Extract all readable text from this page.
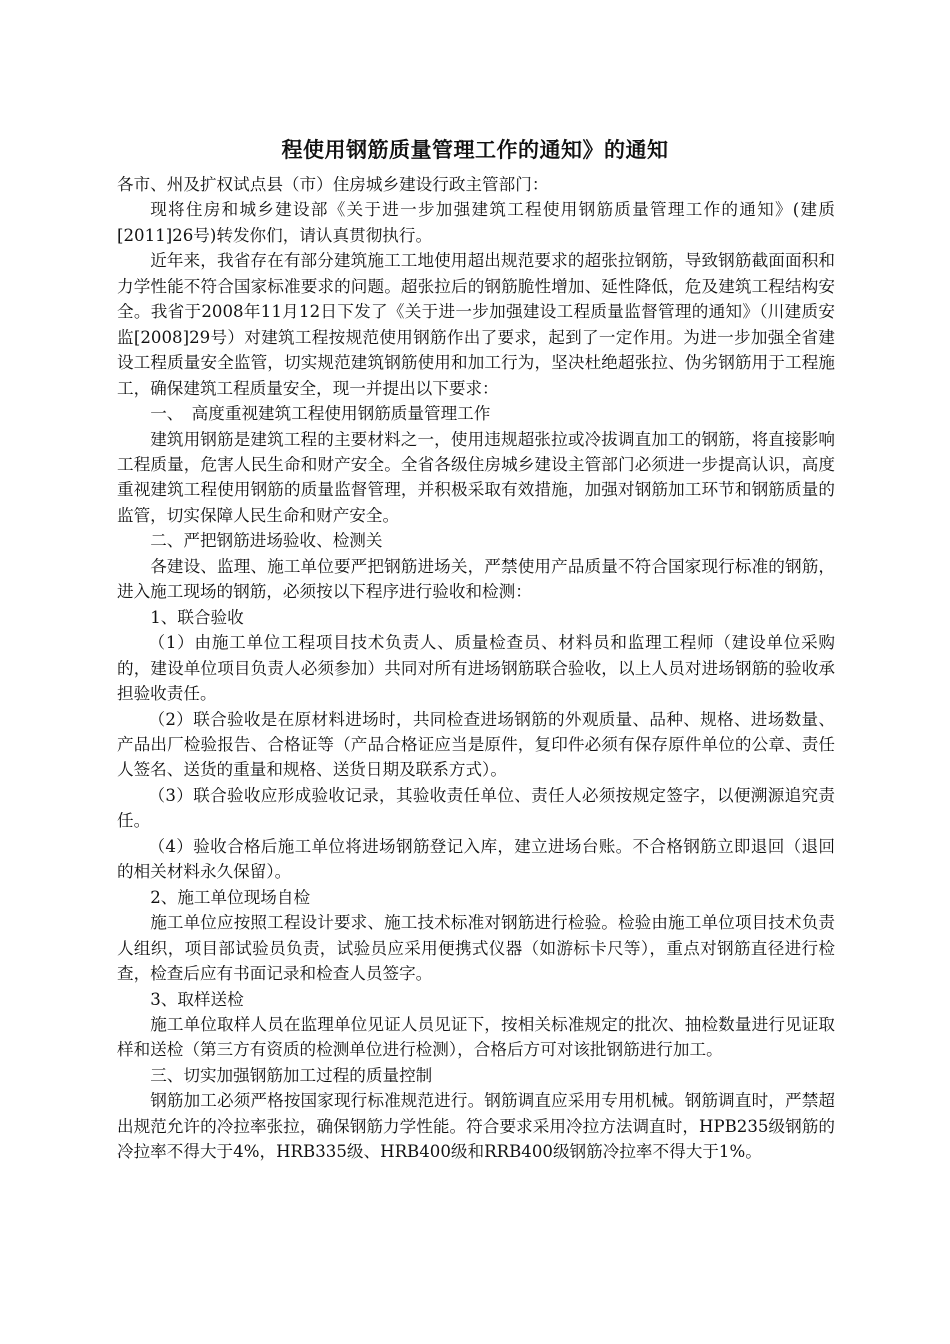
程使用钢筋质量管理工作的通知》的通知

各市、州及扩权试点县（市）住房城乡建设行政主管部门：

现将住房和城乡建设部《关于进一步加强建筑工程使用钢筋质量管理工作的通知》(建质[2011]26号)转发你们，请认真贯彻执行。

近年来，我省存在有部分建筑施工工地使用超出规范要求的超张拉钢筋，导致钢筋截面面积和力学性能不符合国家标准要求的问题。超张拉后的钢筋脆性增加、延性降低，危及建筑工程结构安全。我省于2008年11月12日下发了《关于进一步加强建设工程质量监督管理的通知》（川建质安监[2008]29号）对建筑工程按规范使用钢筋作出了要求，起到了一定作用。为进一步加强全省建设工程质量安全监管，切实规范建筑钢筋使用和加工行为，坚决杜绝超张拉、伪劣钢筋用于工程施工，确保建筑工程质量安全，现一并提出以下要求：

一、　高度重视建筑工程使用钢筋质量管理工作

建筑用钢筋是建筑工程的主要材料之一，使用违规超张拉或冷拔调直加工的钢筋，将直接影响工程质量，危害人民生命和财产安全。全省各级住房城乡建设主管部门必须进一步提高认识，高度重视建筑工程使用钢筋的质量监督管理，并积极采取有效措施，加强对钢筋加工环节和钢筋质量的监管，切实保障人民生命和财产安全。

二、严把钢筋进场验收、检测关

各建设、监理、施工单位要严把钢筋进场关，严禁使用产品质量不符合国家现行标准的钢筋，进入施工现场的钢筋，必须按以下程序进行验收和检测：

1、联合验收

（1）由施工单位工程项目技术负责人、质量检查员、材料员和监理工程师（建设单位采购的，建设单位项目负责人必须参加）共同对所有进场钢筋联合验收，以上人员对进场钢筋的验收承担验收责任。

（2）联合验收是在原材料进场时，共同检查进场钢筋的外观质量、品种、规格、进场数量、产品出厂检验报告、合格证等（产品合格证应当是原件，复印件必须有保存原件单位的公章、责任人签名、送货的重量和规格、送货日期及联系方式）。

（3）联合验收应形成验收记录，其验收责任单位、责任人必须按规定签字，以便溯源追究责任。

（4）验收合格后施工单位将进场钢筋登记入库，建立进场台账。不合格钢筋立即退回（退回的相关材料永久保留）。

2、施工单位现场自检

施工单位应按照工程设计要求、施工技术标准对钢筋进行检验。检验由施工单位项目技术负责人组织，项目部试验员负责，试验员应采用便携式仪器（如游标卡尺等），重点对钢筋直径进行检查，检查后应有书面记录和检查人员签字。

3、取样送检

施工单位取样人员在监理单位见证人员见证下，按相关标准规定的批次、抽检数量进行见证取样和送检（第三方有资质的检测单位进行检测），合格后方可对该批钢筋进行加工。

三、切实加强钢筋加工过程的质量控制

钢筋加工必须严格按国家现行标准规范进行。钢筋调直应采用专用机械。钢筋调直时，严禁超出规范允许的冷拉率张拉，确保钢筋力学性能。符合要求采用冷拉方法调直时，HPB235级钢筋的冷拉率不得大于4%，HRB335级、HRB400级和RRB400级钢筋冷拉率不得大于1%。
